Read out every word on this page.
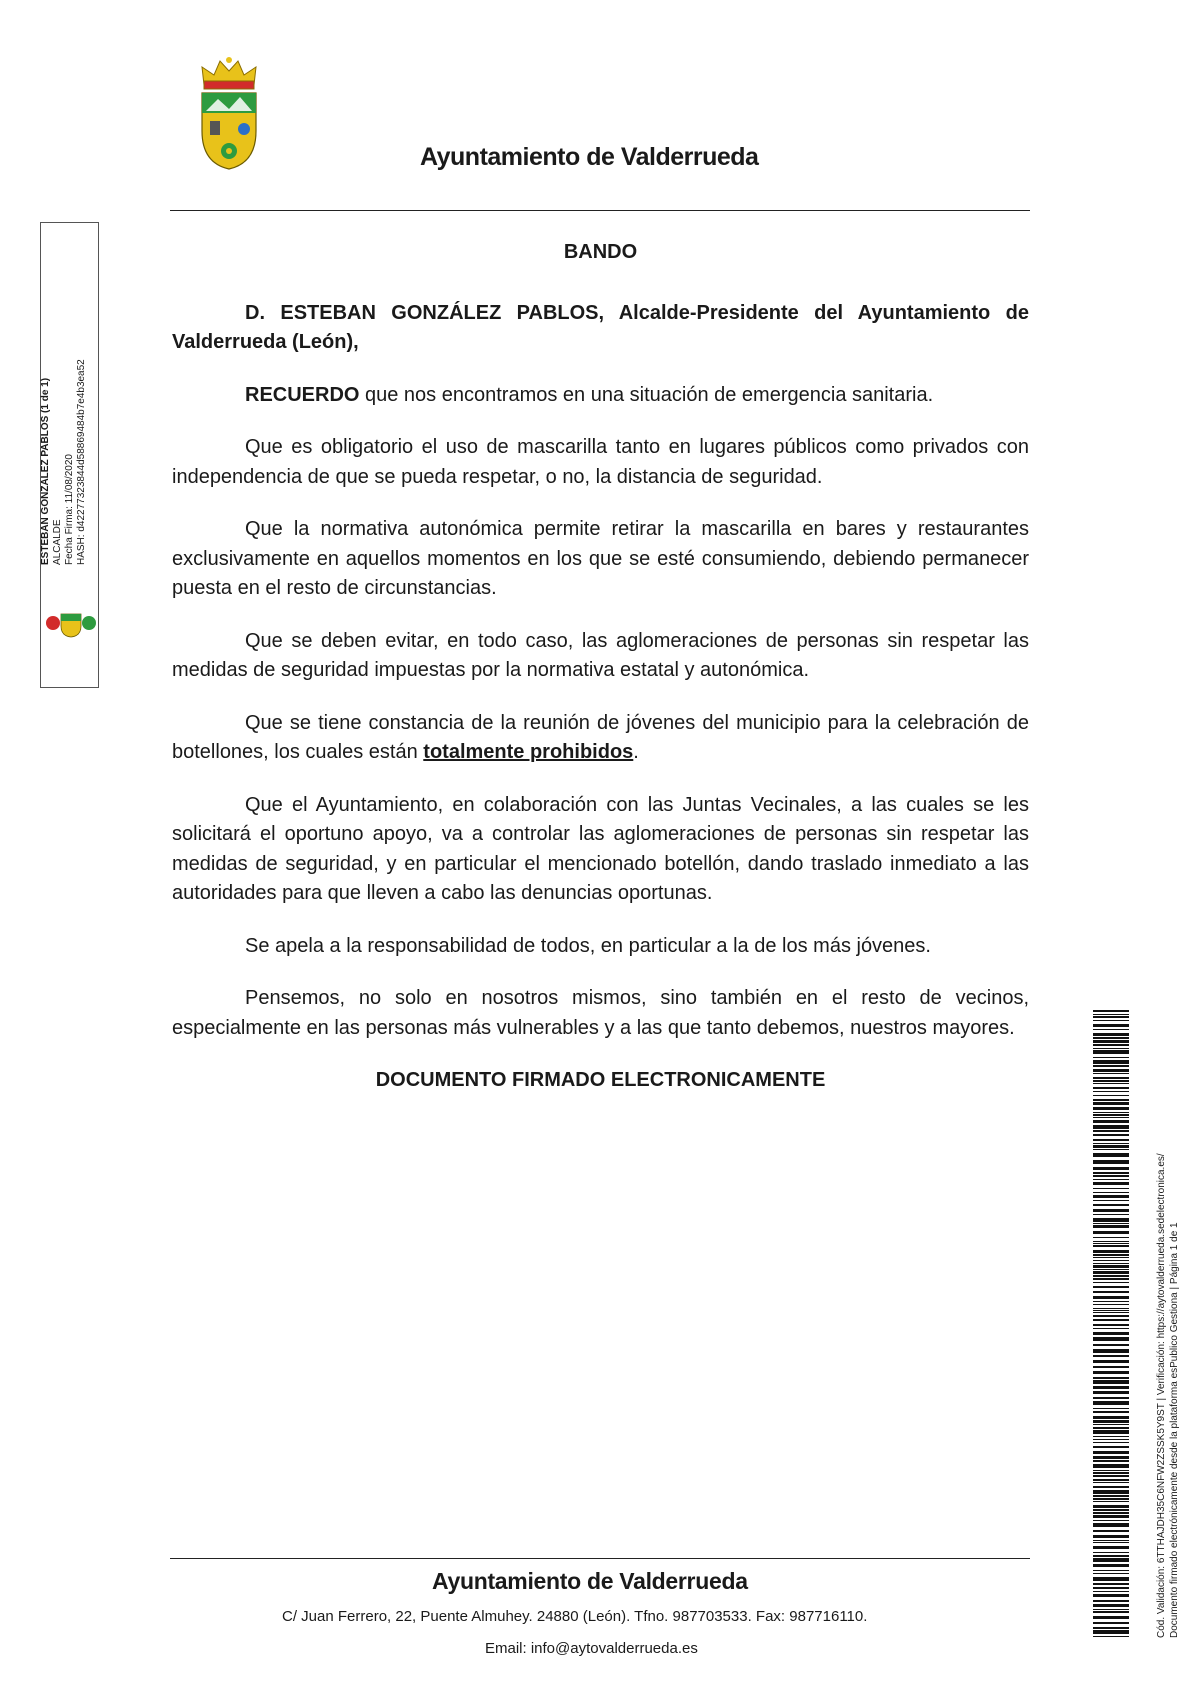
Ayuntamiento de Valderrueda
ESTEBAN GONZALEZ PABLOS (1 de 1) ALCALDE Fecha Firma: 11/08/2020 HASH: d42277323844d58869484b7e4b3ea52

BANDO

D. ESTEBAN GONZÁLEZ PABLOS, Alcalde-Presidente del Ayuntamiento de Valderrueda (León),

RECUERDO que nos encontramos en una situación de emergencia sanitaria.

Que es obligatorio el uso de mascarilla tanto en lugares públicos como privados con independencia de que se pueda respetar, o no, la distancia de seguridad.

Que la normativa autonómica permite retirar la mascarilla en bares y restaurantes exclusivamente en aquellos momentos en los que se esté consumiendo, debiendo permanecer puesta en el resto de circunstancias.

Que se deben evitar, en todo caso, las aglomeraciones de personas sin respetar las medidas de seguridad impuestas por la normativa estatal y autonómica.

Que se tiene constancia de la reunión de jóvenes del municipio para la celebración de botellones, los cuales están totalmente prohibidos.

Que el Ayuntamiento, en colaboración con las Juntas Vecinales, a las cuales se les solicitará el oportuno apoyo, va a controlar las aglomeraciones de personas sin respetar las medidas de seguridad, y en particular el mencionado botellón, dando traslado inmediato a las autoridades para que lleven a cabo las denuncias oportunas.

Se apela a la responsabilidad de todos, en particular a la de los más jóvenes.

Pensemos, no solo en nosotros mismos, sino también en el resto de vecinos, especialmente en las personas más vulnerables y a las que tanto debemos, nuestros mayores.

DOCUMENTO FIRMADO ELECTRONICAMENTE

Ayuntamiento de Valderrueda
C/ Juan Ferrero, 22, Puente Almuhey. 24880 (León). Tfno. 987703533. Fax: 987716110.
Email: info@aytovalderrueda.es
Cód. Validación: 6TTHAJDH35C6NFW2ZSSK5Y9ST | Verificación: https://aytovalderrueda.sedelectronica.es/ Documento firmado electrónicamente desde la plataforma esPublico Gestiona | Página 1 de 1
